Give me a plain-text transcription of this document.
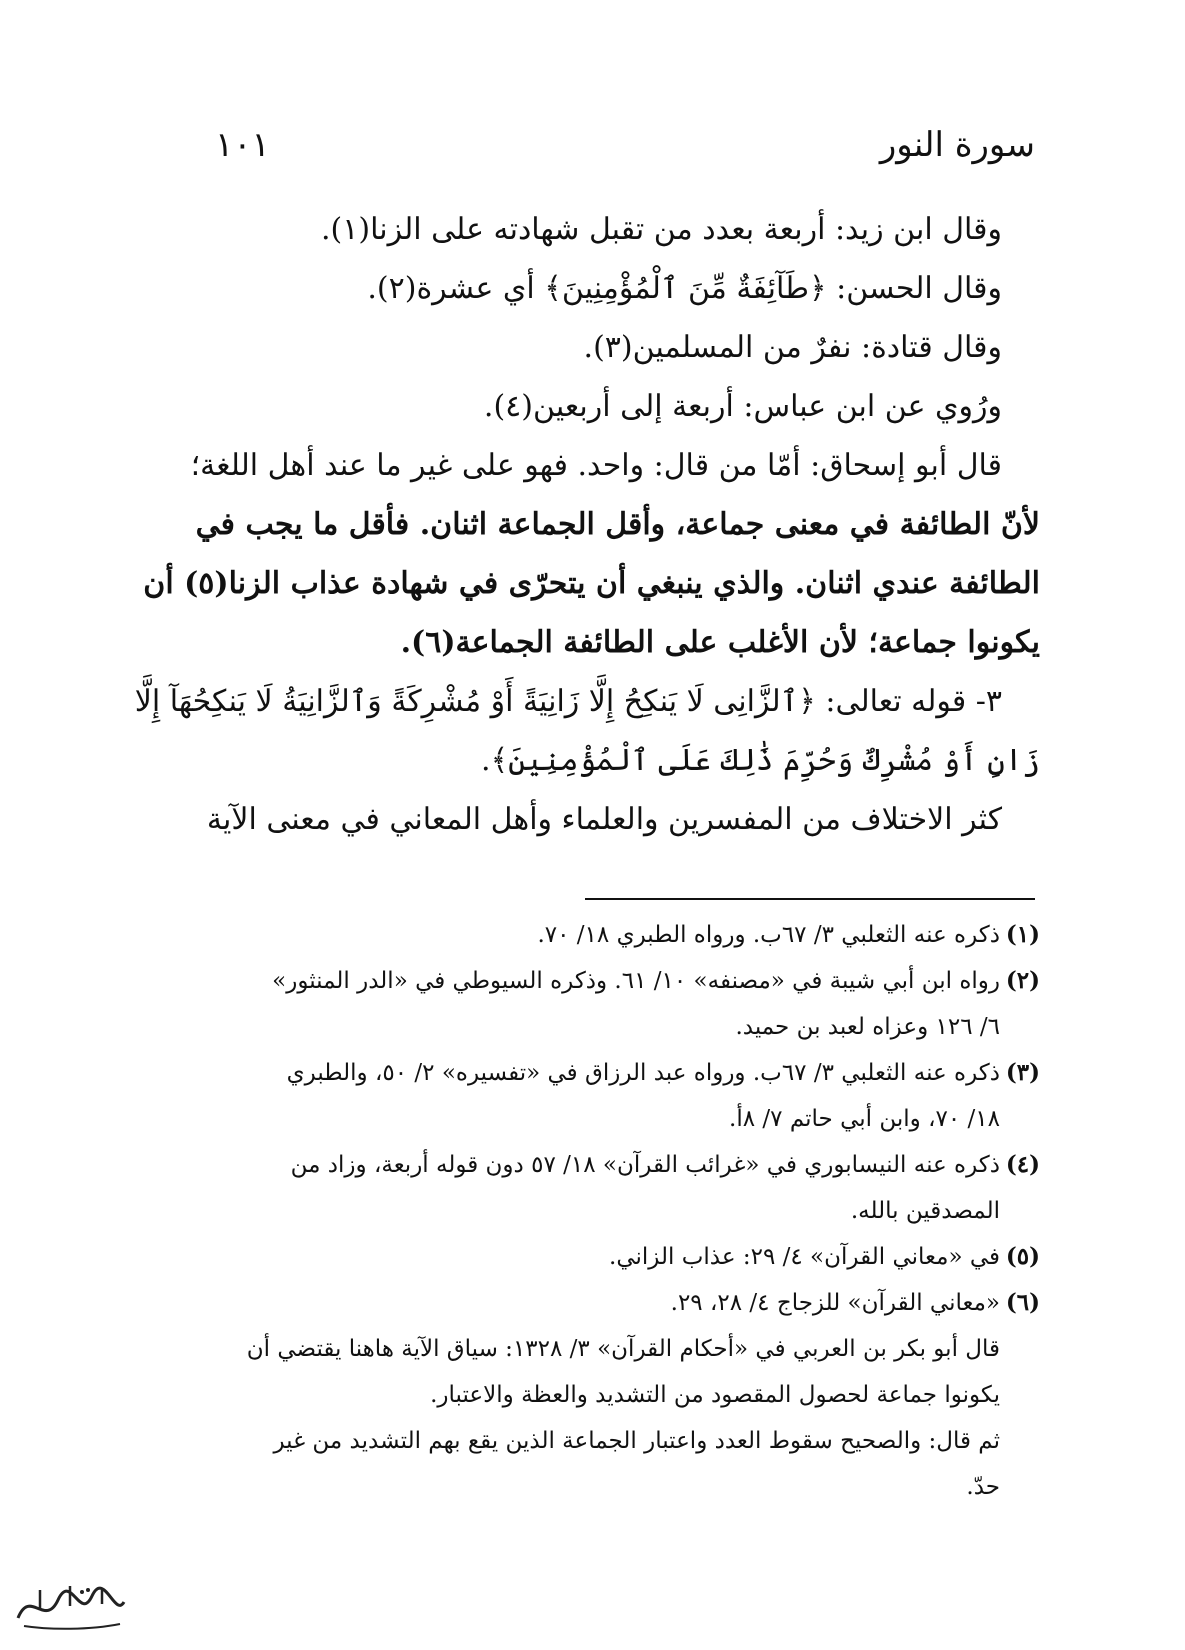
سورة النور
١٠١
وقال ابن زيد: أربعة بعدد من تقبل شهادته على الزنا(١).
وقال الحسن: ﴿طَآئِفَةٌ مِّنَ ٱلْمُؤْمِنِينَ﴾ أي عشرة(٢).
وقال قتادة: نفرٌ من المسلمين(٣).
ورُوي عن ابن عباس: أربعة إلى أربعين(٤).
قال أبو إسحاق: أمّا من قال: واحد. فهو على غير ما عند أهل اللغة؛
لأنّ الطائفة في معنى جماعة، وأقل الجماعة اثنان. فأقل ما يجب في
الطائفة عندي اثنان. والذي ينبغي أن يتحرّى في شهادة عذاب الزنا(٥) أن
يكونوا جماعة؛ لأن الأغلب على الطائفة الجماعة(٦).
٣- قوله تعالى: ﴿ٱلزَّانِى لَا يَنكِحُ إِلَّا زَانِيَةً أَوْ مُشْرِكَةً وَٱلزَّانِيَةُ لَا يَنكِحُهَآ إِلَّا
زَانٍ أَوْ مُشْرِكٌ وَحُرِّمَ ذَٰلِكَ عَلَى ٱلْمُؤْمِنِينَ﴾.
كثر الاختلاف من المفسرين والعلماء وأهل المعاني في معنى الآية
(١)
ذكره عنه الثعلبي ٣/ ٦٧ب. ورواه الطبري ١٨/ ٧٠.
(٢)
رواه ابن أبي شيبة في «مصنفه» ١٠/ ٦١. وذكره السيوطي في «الدر المنثور»
٦/ ١٢٦ وعزاه لعبد بن حميد.
(٣)
ذكره عنه الثعلبي ٣/ ٦٧ب. ورواه عبد الرزاق في «تفسيره» ٢/ ٥٠، والطبري
١٨/ ٧٠، وابن أبي حاتم ٧/ ٨أ.
(٤)
ذكره عنه النيسابوري في «غرائب القرآن» ١٨/ ٥٧ دون قوله أربعة، وزاد من
المصدقين بالله.
(٥)
في «معاني القرآن» ٤/ ٢٩: عذاب الزاني.
(٦)
«معاني القرآن» للزجاج ٤/ ٢٨، ٢٩.
قال أبو بكر بن العربي في «أحكام القرآن» ٣/ ١٣٢٨: سياق الآية هاهنا يقتضي أن
يكونوا جماعة لحصول المقصود من التشديد والعظة والاعتبار.
ثم قال: والصحيح سقوط العدد واعتبار الجماعة الذين يقع بهم التشديد من غير
حدّ.
